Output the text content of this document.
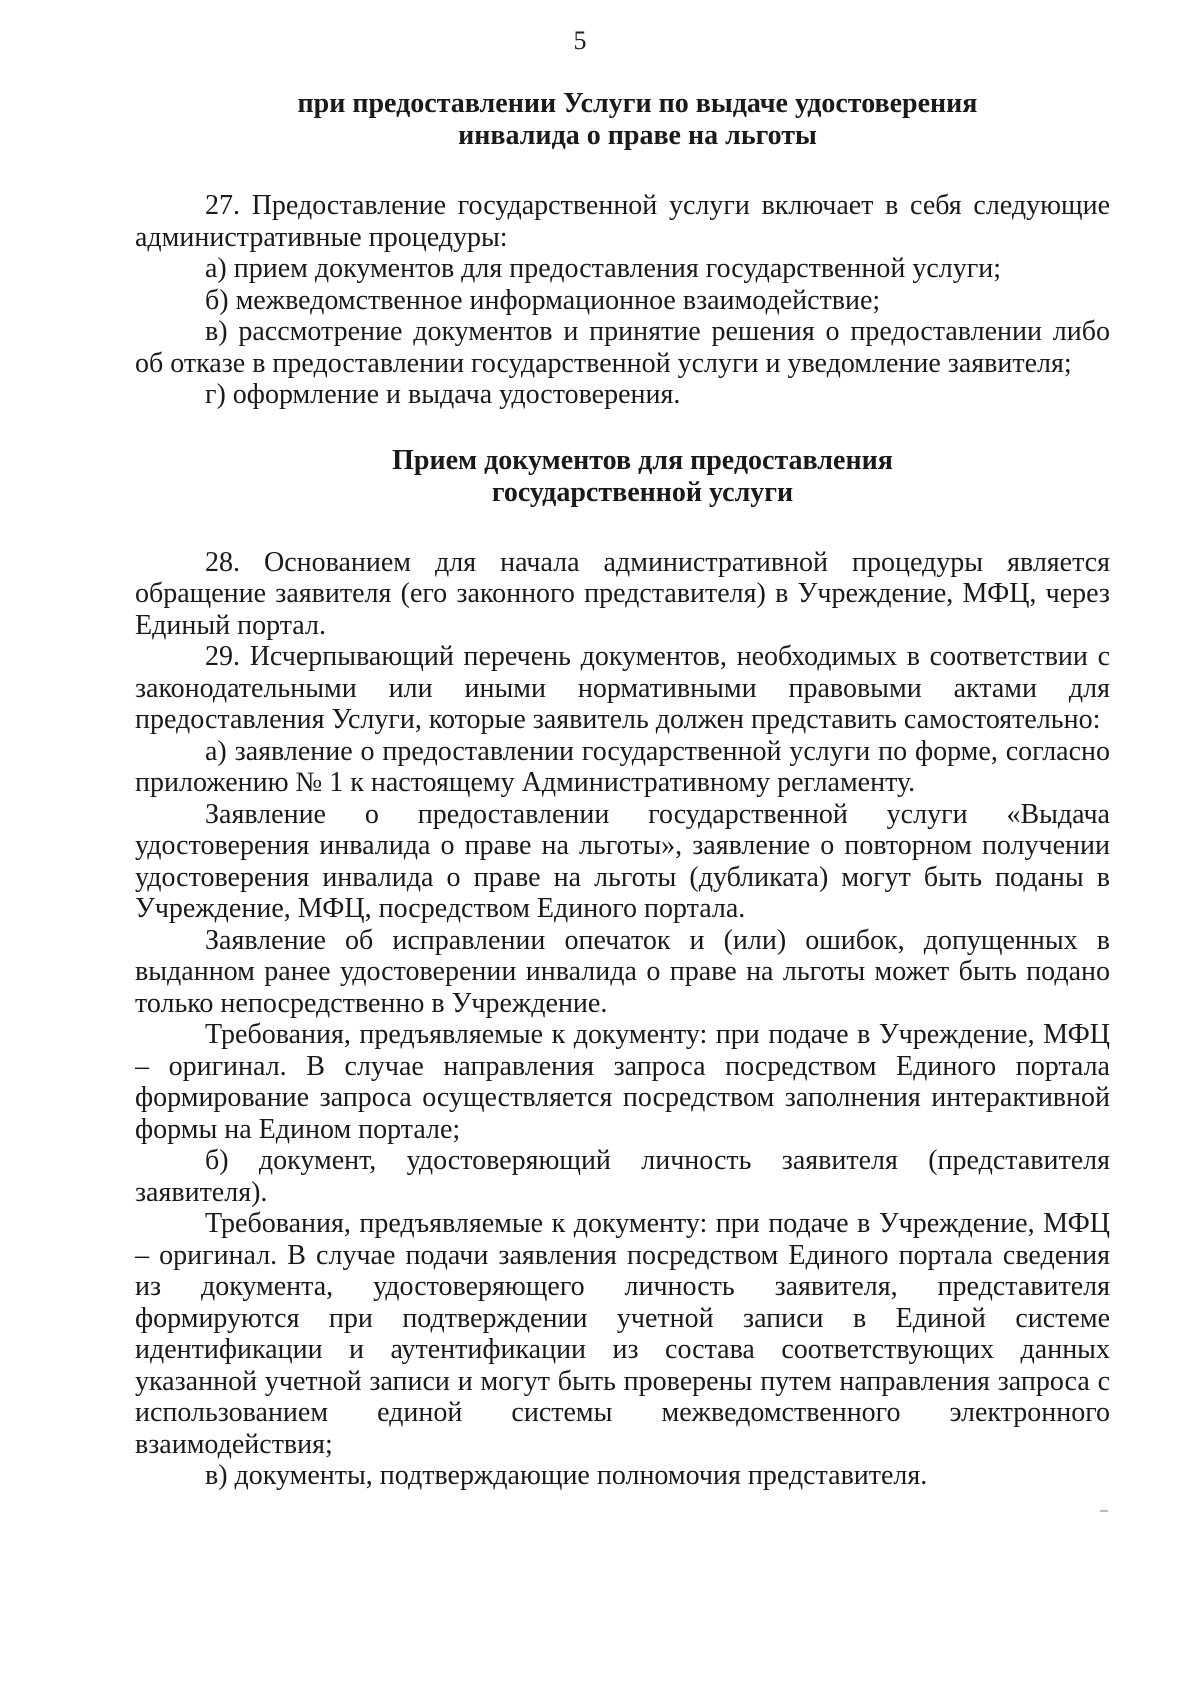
5
при предоставлении Услуги по выдаче удостоверения
инвалида о праве на льготы

27. Предоставление государственной услуги включает в себя следующие административные процедуры:

а) прием документов для предоставления государственной услуги;

б) межведомственное информационное взаимодействие;

в) рассмотрение документов и принятие решения о предоставлении либо об отказе в предоставлении государственной услуги и уведомление заявителя;

г) оформление и выдача удостоверения.

Прием документов для предоставления
государственной услуги

28. Основанием для начала административной процедуры является обращение заявителя (его законного представителя) в Учреждение, МФЦ, через Единый портал.

29. Исчерпывающий перечень документов, необходимых в соответствии с законодательными или иными нормативными правовыми актами для предоставления Услуги, которые заявитель должен представить самостоятельно:

а) заявление о предоставлении государственной услуги по форме, согласно приложению № 1 к настоящему Административному регламенту.

Заявление о предоставлении государственной услуги «Выдача удостоверения инвалида о праве на льготы», заявление о повторном получении удостоверения инвалида о праве на льготы (дубликата) могут быть поданы в Учреждение, МФЦ, посредством Единого портала.

Заявление об исправлении опечаток и (или) ошибок, допущенных в выданном ранее удостоверении инвалида о праве на льготы может быть подано только непосредственно в Учреждение.

Требования, предъявляемые к документу: при подаче в Учреждение, МФЦ – оригинал. В случае направления запроса посредством Единого портала формирование запроса осуществляется посредством заполнения интерактивной формы на Едином портале;

б) документ, удостоверяющий личность заявителя (представителя заявителя).

Требования, предъявляемые к документу: при подаче в Учреждение, МФЦ – оригинал. В случае подачи заявления посредством Единого портала сведения из документа, удостоверяющего личность заявителя, представителя формируются при подтверждении учетной записи в Единой системе идентификации и аутентификации из состава соответствующих данных указанной учетной записи и могут быть проверены путем направления запроса с использованием единой системы межведомственного электронного взаимодействия;

в) документы, подтверждающие полномочия представителя.
